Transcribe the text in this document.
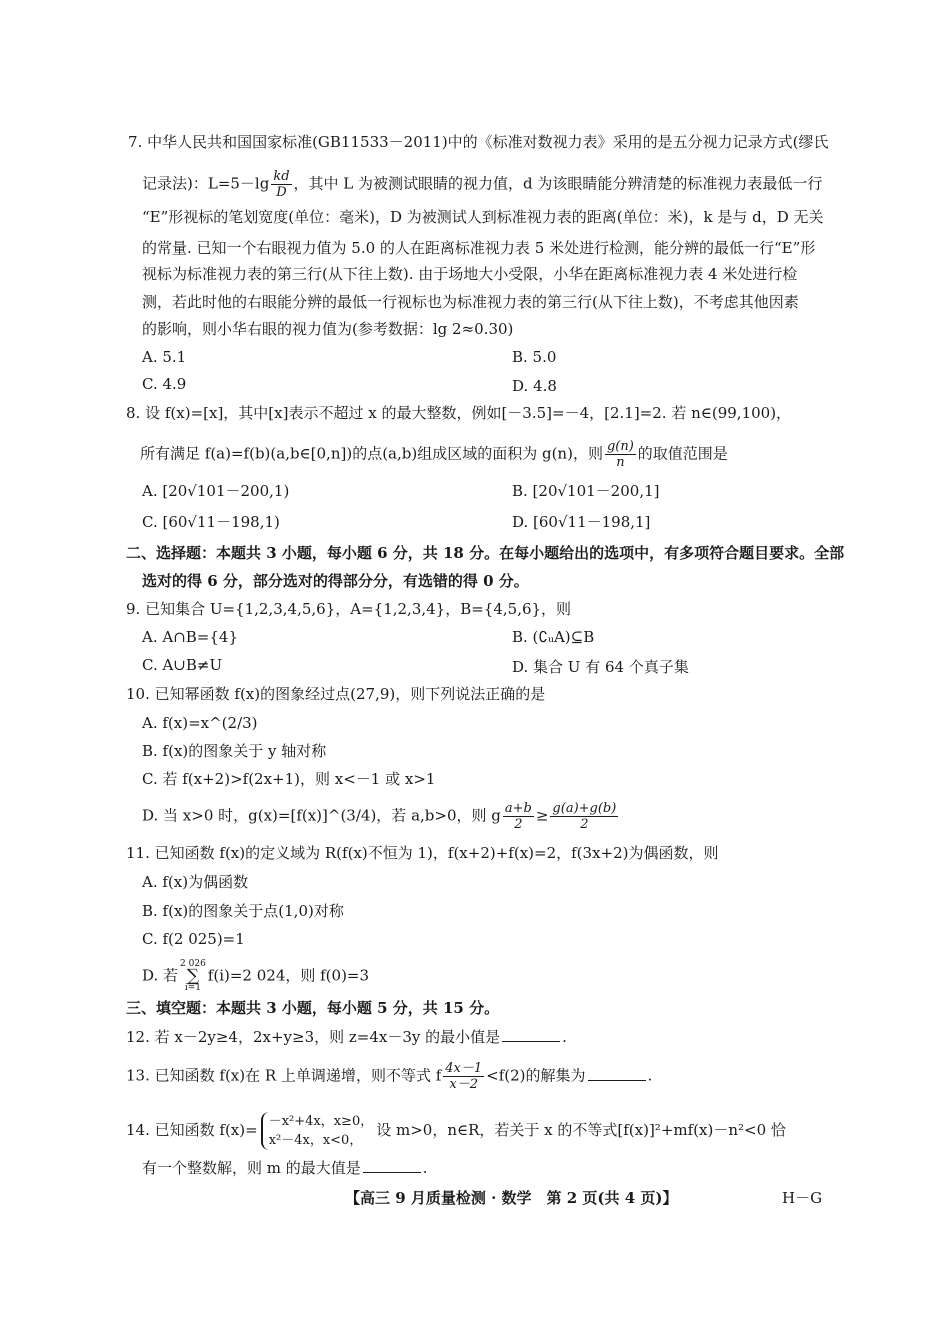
7. 中华人民共和国国家标准(GB11533－2011)中的《标准对数视力表》采用的是五分视力记录方式(缪氏
记录法)：$L=5-\lg \frac{kd}{D}$ ，其中 L 为被测试眼睛的视力值，d 为该眼睛能分辨清楚的标准视力表最低一行
“E”形视标的笔划宽度(单位：毫米)，D 为被测试人到标准视力表的距离(单位：米)，k 是与 d，D 无关
的常量. 已知一个右眼视力值为 5.0 的人在距离标准视力表 5 米处进行检测，能分辨的最低一行“E”形
视标为标准视力表的第三行(从下往上数). 由于场地大小受限，小华在距离标准视力表 4 米处进行检
测，若此时他的右眼能分辨的最低一行视标也为标准视力表的第三行(从下往上数)，不考虑其他因素
的影响，则小华右眼的视力值为(参考数据：lg 2≈0.30)
A. 5.1	B. 5.0
C. 4.9	D. 4.8
8. 设 f(x)=[x]，其中[x]表示不超过 x 的最大整数，例如[－3.5]=－4，[2.1]=2. 若 n∈(99,100)，
所有满足 f(a)=f(b)(a,b∈[0,n])的点(a,b)组成区域的面积为 g(n)，则 $\frac{g(n)}{n}$ 的取值范围是
A. [20√101－200,1)	B. [20√101－200,1]
C. [60√11－198,1)	D. [60√11－198,1]
二、选择题：本题共 3 小题，每小题 6 分，共 18 分。在每小题给出的选项中，有多项符合题目要求。全部
选对的得 6 分，部分选对的得部分分，有选错的得 0 分。
9. 已知集合 U={1,2,3,4,5,6}，A={1,2,3,4}，B={4,5,6}，则
A. A∩B={4}	B. (∁ᵤA)⊆B
C. A∪B≠U	D. 集合 U 有 64 个真子集
10. 已知幂函数 f(x)的图象经过点(27,9)，则下列说法正确的是
A. f(x)=x^(2/3)
B. f(x)的图象关于 y 轴对称
C. 若 f(x+2)>f(2x+1)，则 x<－1 或 x>1
D. 当 x>0 时，g(x)=[f(x)]^(3/4)，若 a,b>0，则 g $\frac{a+b}{2} \ge \frac{g(a)+g(b)}{2}$
11. 已知函数 f(x)的定义域为 R(f(x)不恒为 1)，f(x+2)+f(x)=2，f(3x+2)为偶函数，则
A. f(x)为偶函数
B. f(x)的图象关于点(1,0)对称
C. f(2 025)=1
D. 若
2 026
∑
i=1
f(i)=2 024，则 f(0)=3
三、填空题：本题共 3 小题，每小题 5 分，共 15 分。
12. 若 x－2y≥4，2x+y≥3，则 z=4x－3y 的最小值是	.
13. 已知函数 f(x)在 R 上单调递增，则不等式 f $\frac{4x-1}{x-2} <f(2)$的解集为	.
14. 已知函数 f(x)= －x²+4x，x≥0，
x²－4x，x<0，
设 m>0，n∈R，若关于 x 的不等式[f(x)]²+mf(x)－n²<0 恰
有一个整数解，则 m 的最大值是	.
【高三 9 月质量检测 · 数学　第 2 页(共 4 页)】	H－G
